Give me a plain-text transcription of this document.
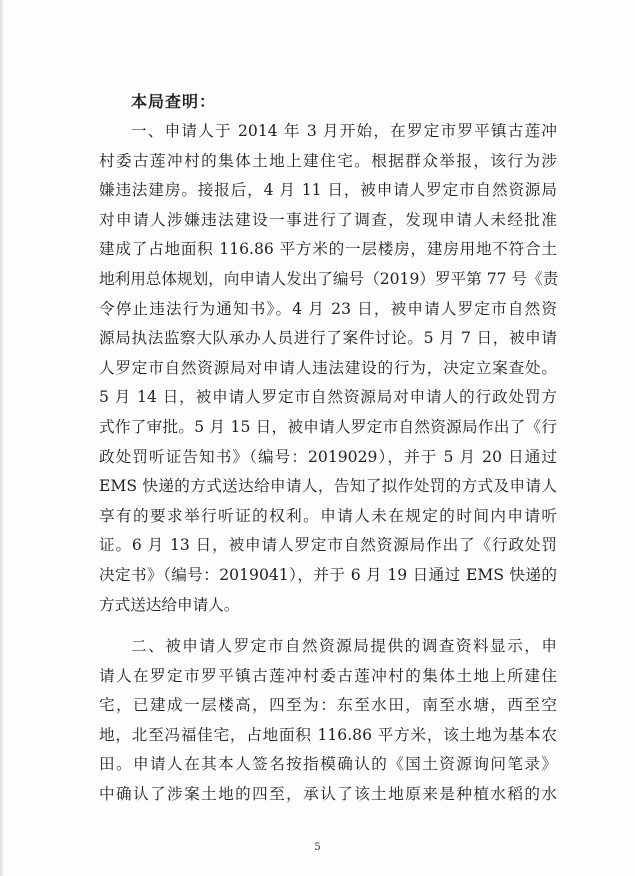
本局查明：
一、申请人于 2014 年 3 月开始，在罗定市罗平镇古莲冲
村委古莲冲村的集体土地上建住宅。根据群众举报，该行为涉
嫌违法建房。接报后，4 月 11 日，被申请人罗定市自然资源局
对申请人涉嫌违法建设一事进行了调查，发现申请人未经批准
建成了占地面积 116.86 平方米的一层楼房，建房用地不符合土
地利用总体规划，向申请人发出了编号（2019）罗平第 77 号《责
令停止违法行为通知书》。4 月 23 日，被申请人罗定市自然资
源局执法监察大队承办人员进行了案件讨论。5 月 7 日，被申请
人罗定市自然资源局对申请人违法建设的行为，决定立案查处。
5 月 14 日，被申请人罗定市自然资源局对申请人的行政处罚方
式作了审批。5 月 15 日，被申请人罗定市自然资源局作出了《行
政处罚听证告知书》（编号：2019029），并于 5 月 20 日通过
EMS 快递的方式送达给申请人，告知了拟作处罚的方式及申请人
享有的要求举行听证的权利。申请人未在规定的时间内申请听
证。6 月 13 日，被申请人罗定市自然资源局作出了《行政处罚
决定书》（编号：2019041），并于 6 月 19 日通过 EMS 快递的
方式送达给申请人。
二、被申请人罗定市自然资源局提供的调查资料显示，申
请人在罗定市罗平镇古莲冲村委古莲冲村的集体土地上所建住
宅，已建成一层楼高，四至为：东至水田，南至水塘，西至空
地，北至冯福佳宅，占地面积 116.86 平方米，该土地为基本农
田。申请人在其本人签名按指模确认的《国土资源询问笔录》
中确认了涉案土地的四至，承认了该土地原来是种植水稻的水
5
